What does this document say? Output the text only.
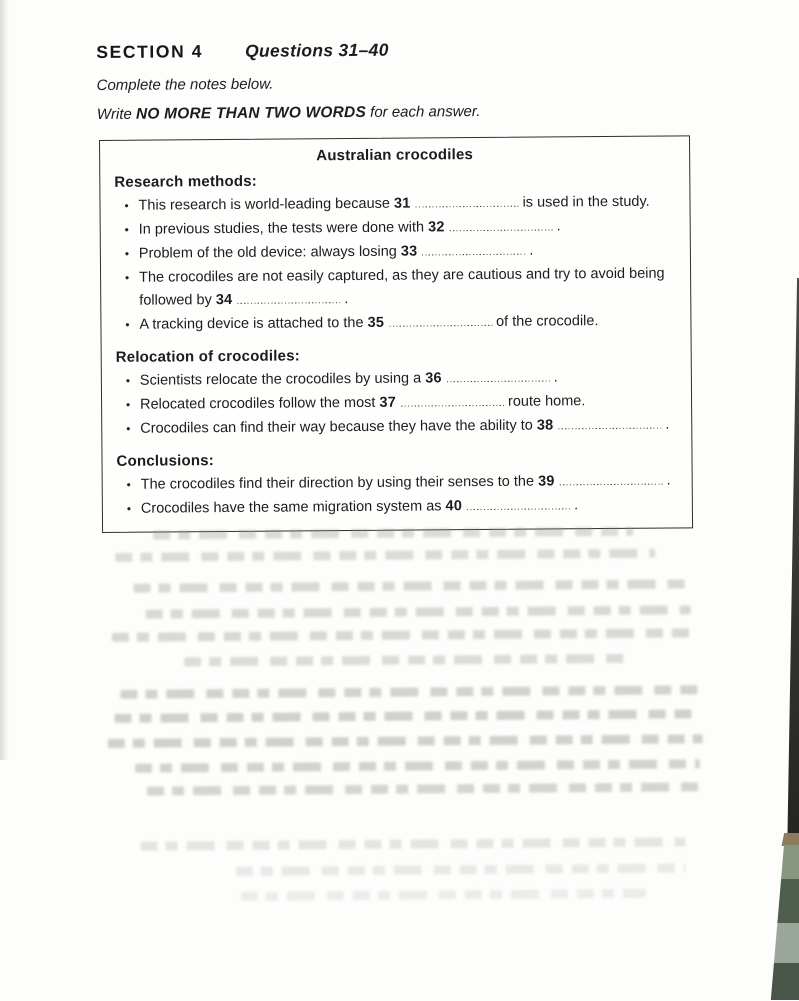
SECTION 4 Questions 31–40
Complete the notes below.
Write NO MORE THAN TWO WORDS for each answer.
Australian crocodiles
Research methods:
• This research is world-leading because 31	is used in the study.
• In previous studies, the tests were done with 32	.
• Problem of the old device: always losing 33	.
• The crocodiles are not easily captured, as they are cautious and try to avoid being followed by 34	.
• A tracking device is attached to the 35	of the crocodile.
Relocation of crocodiles:
• Scientists relocate the crocodiles by using a 36	.
• Relocated crocodiles follow the most 37	route home.
• Crocodiles can find their way because they have the ability to 38	.
Conclusions:
• The crocodiles find their direction by using their senses to the 39	.
• Crocodiles have the same migration system as 40	.
